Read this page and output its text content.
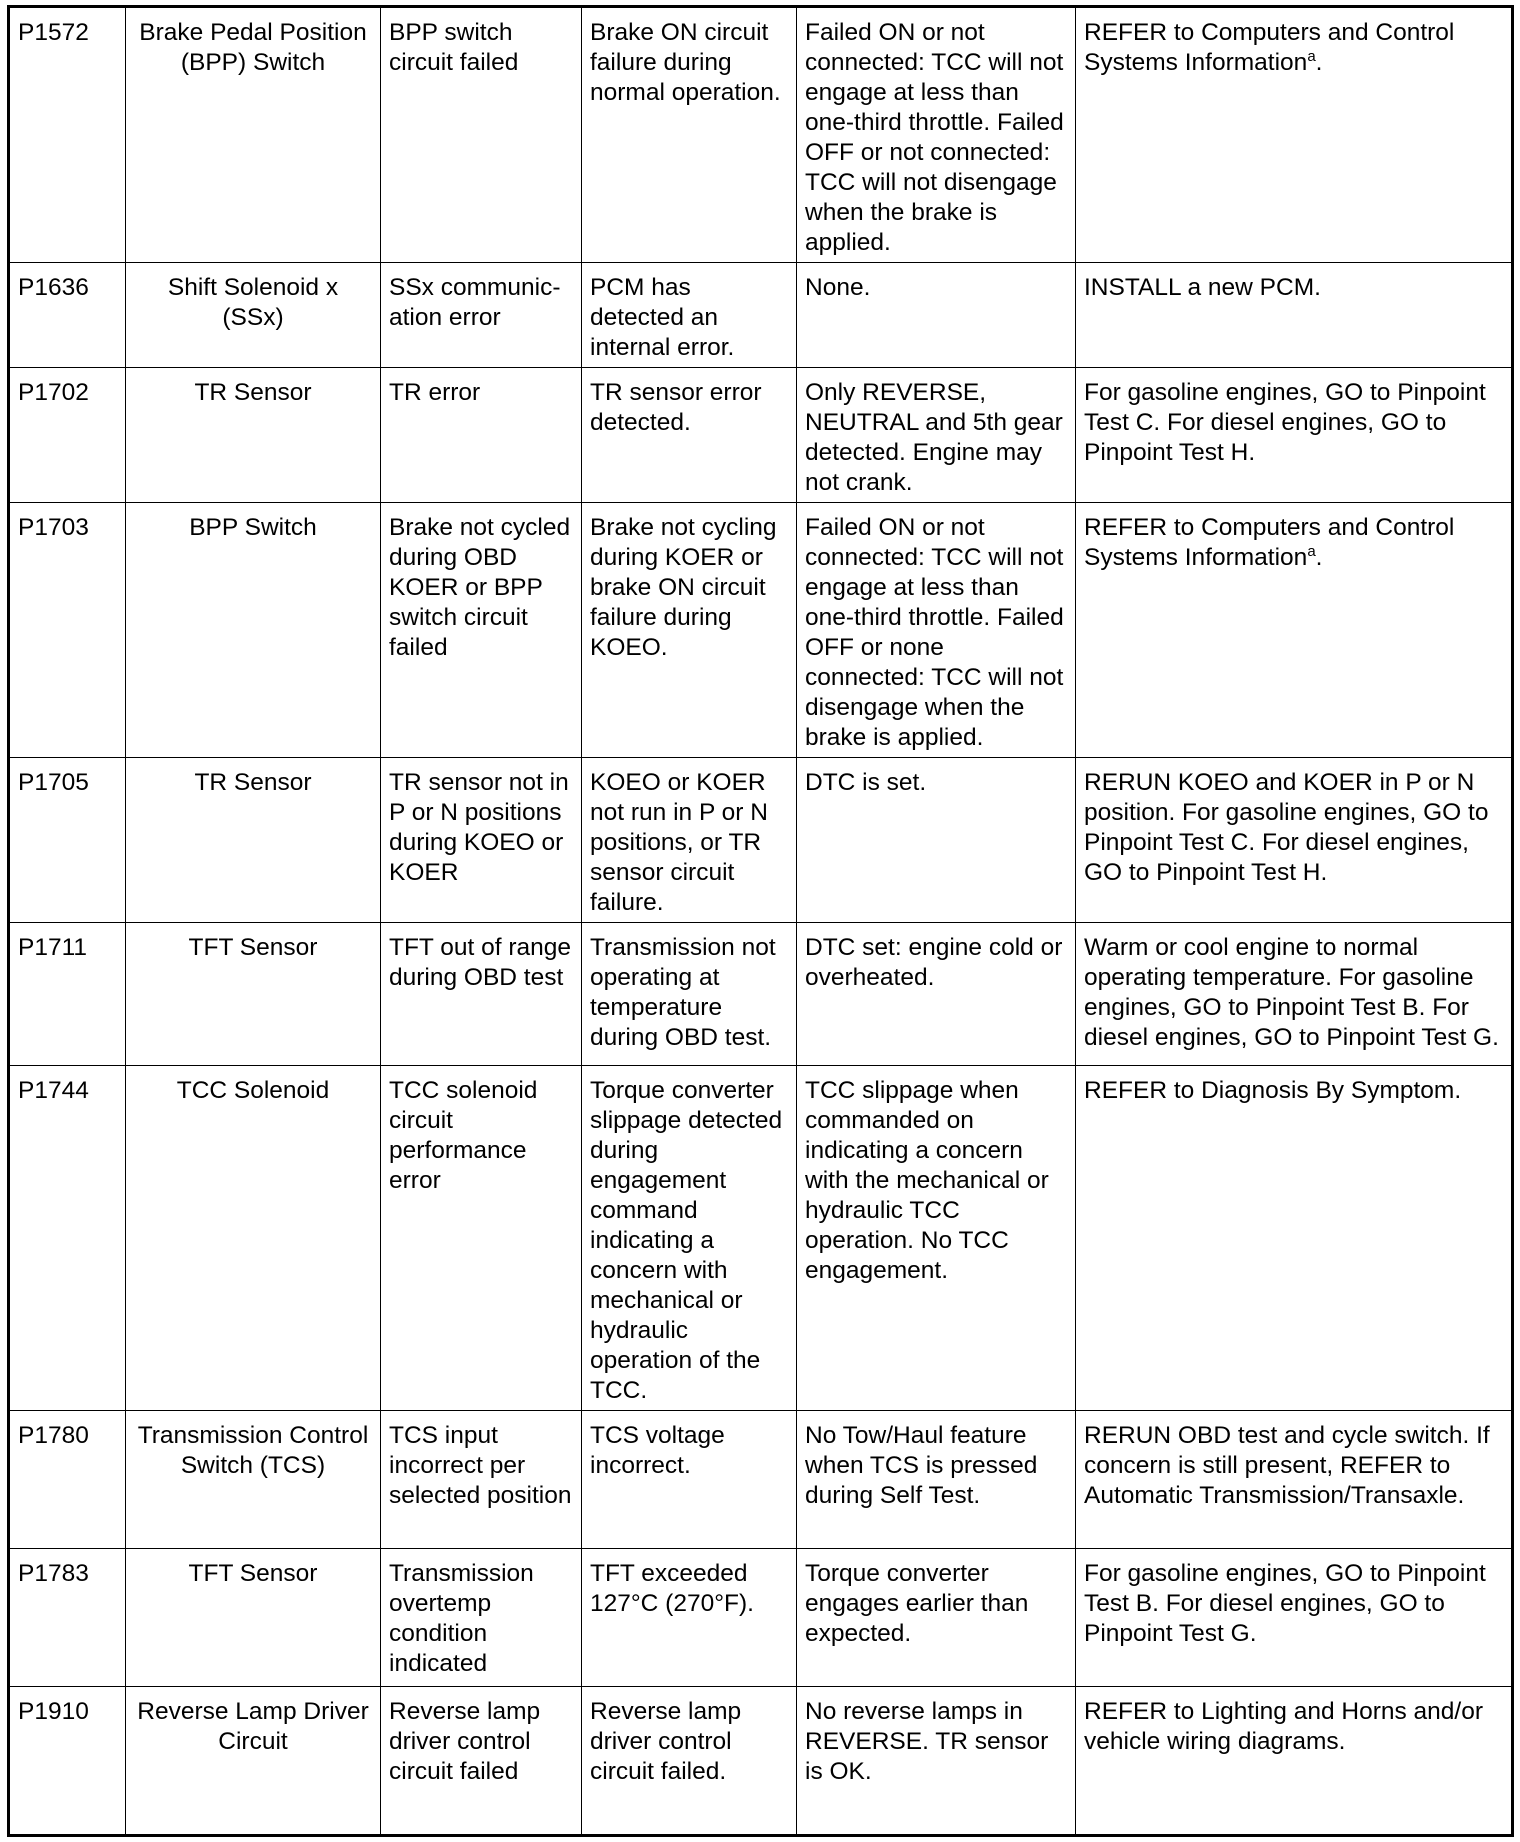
P1572	Brake Pedal Position (BPP) Switch	BPP switch circuit failed	Brake ON circuit failure during normal operation.	Failed ON or not connected: TCC will not engage at less than one-third throttle. Failed OFF or not connected: TCC will not disengage when the brake is applied.	REFER to Computers and Control Systems Information$^a$.
P1636	Shift Solenoid x (SSx)	SSx communic-ation error	PCM has detected an internal error.	None.	INSTALL a new PCM.
P1702	TR Sensor	TR error	TR sensor error detected.	Only REVERSE, NEUTRAL and 5th gear detected. Engine may not crank.	For gasoline engines, GO to Pinpoint Test C. For diesel engines, GO to Pinpoint Test H.
P1703	BPP Switch	Brake not cycled during OBD KOER or BPP switch circuit failed	Brake not cycling during KOER or brake ON circuit failure during KOEO.	Failed ON or not connected: TCC will not engage at less than one-third throttle. Failed OFF or none connected: TCC will not disengage when the brake is applied.	REFER to Computers and Control Systems Information$^a$.
P1705	TR Sensor	TR sensor not in P or N positions during KOEO or KOER	KOEO or KOER not run in P or N positions, or TR sensor circuit failure.	DTC is set.	RERUN KOEO and KOER in P or N position. For gasoline engines, GO to Pinpoint Test C. For diesel engines, GO to Pinpoint Test H.
P1711	TFT Sensor	TFT out of range during OBD test	Transmission not operating at temperature during OBD test.	DTC set: engine cold or overheated.	Warm or cool engine to normal operating temperature. For gasoline engines, GO to Pinpoint Test B. For diesel engines, GO to Pinpoint Test G.
P1744	TCC Solenoid	TCC solenoid circuit performance error	Torque converter slippage detected during engagement command indicating a concern with mechanical or hydraulic operation of the TCC.	TCC slippage when commanded on indicating a concern with the mechanical or hydraulic TCC operation. No TCC engagement.	REFER to Diagnosis By Symptom.
P1780	Transmission Control Switch (TCS)	TCS input incorrect per selected position	TCS voltage incorrect.	No Tow/Haul feature when TCS is pressed during Self Test.	RERUN OBD test and cycle switch. If concern is still present, REFER to Automatic Transmission/Transaxle.
P1783	TFT Sensor	Transmission overtemp condition indicated	TFT exceeded 127°C (270°F).	Torque converter engages earlier than expected.	For gasoline engines, GO to Pinpoint Test B. For diesel engines, GO to Pinpoint Test G.
P1910	Reverse Lamp Driver Circuit	Reverse lamp driver control circuit failed	Reverse lamp driver control circuit failed.	No reverse lamps in REVERSE. TR sensor is OK.	REFER to Lighting and Horns and/or vehicle wiring diagrams.
